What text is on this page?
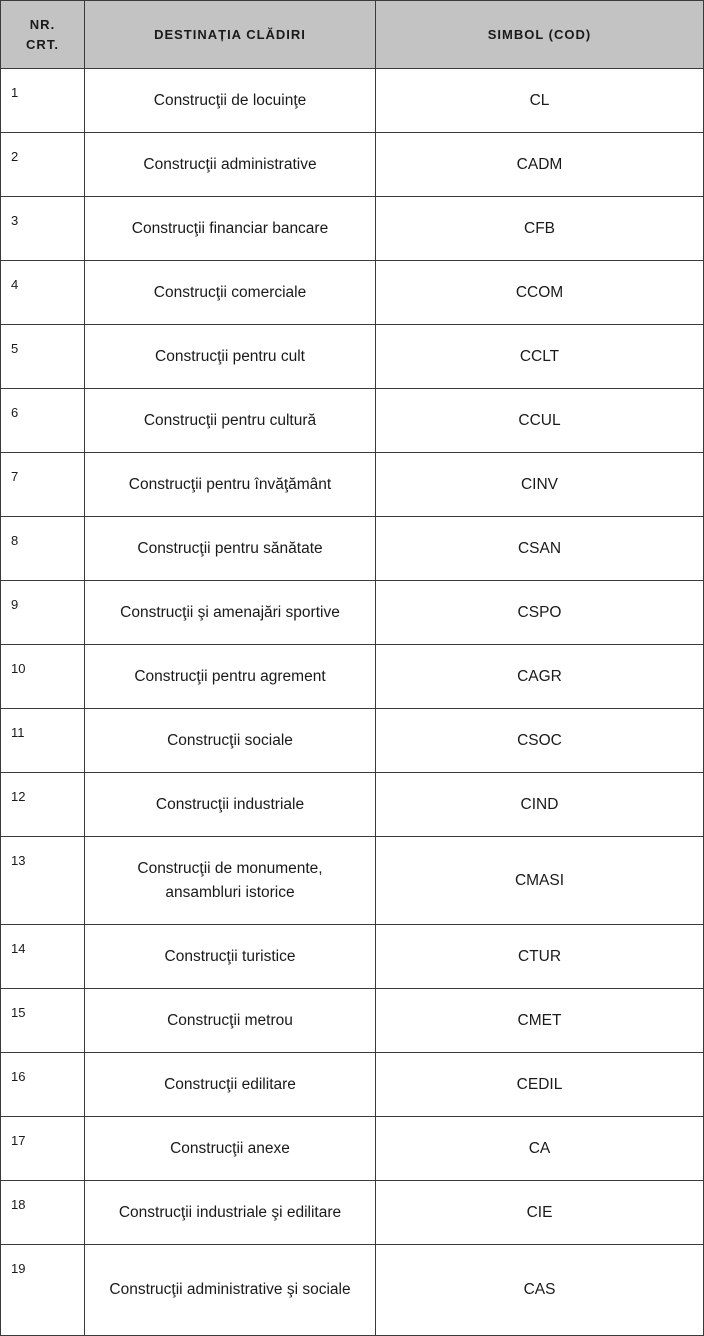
NR. CRT.	DESTINAȚIA CLĂDIRI	SIMBOL (COD)
1	Construcţii de locuinţe	CL
2	Construcţii administrative	CADM
3	Construcţii financiar bancare	CFB
4	Construcţii comerciale	CCOM
5	Construcţii pentru cult	CCLT
6	Construcţii pentru cultură	CCUL
7	Construcţii pentru învăţământ	CINV
8	Construcţii pentru sănătate	CSAN
9	Construcţii şi amenajări sportive	CSPO
10	Construcţii pentru agrement	CAGR
11	Construcţii sociale	CSOC
12	Construcţii industriale	CIND
13	Construcţii de monumente, ansambluri istorice	CMASI
14	Construcţii turistice	CTUR
15	Construcţii metrou	CMET
16	Construcţii edilitare	CEDIL
17	Construcţii anexe	CA
18	Construcţii industriale şi edilitare	CIE
19	Construcţii administrative şi sociale	CAS
